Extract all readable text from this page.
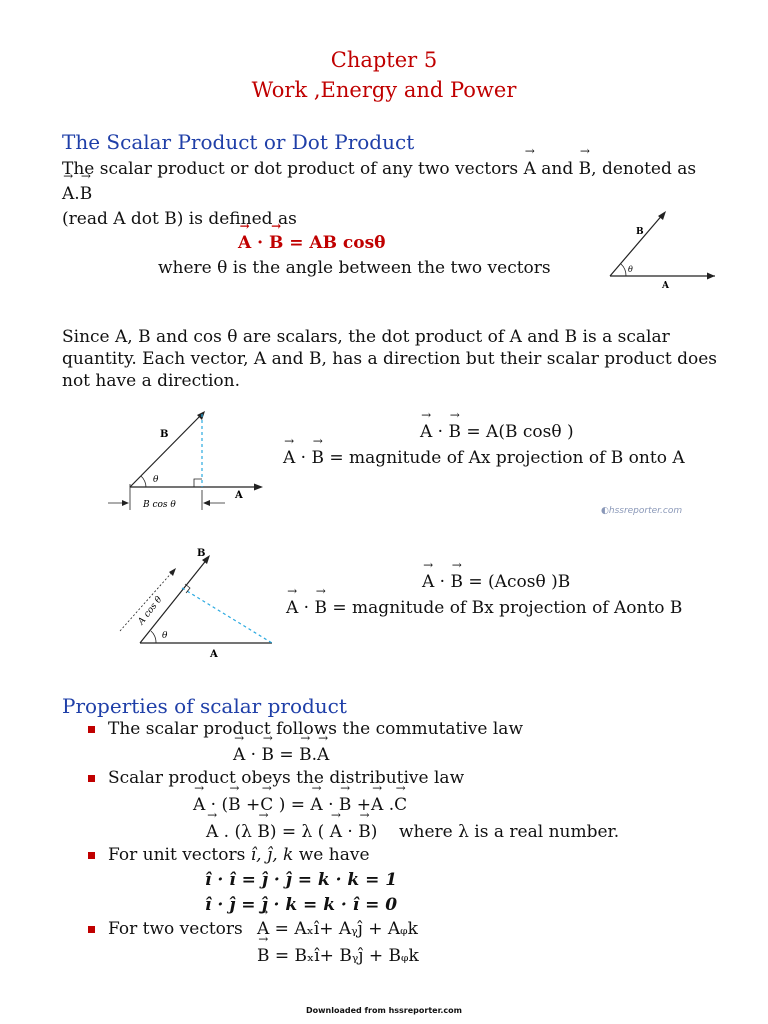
Chapter 5
Work ,Energy and Power
The Scalar Product or Dot Product
The scalar product or dot product of any two vectors → A and → B, denoted as
→ A.→ B
(read A dot B) is defined as
→ A · → B = AB cosθ
where θ is the angle between the two vectors
B
A
θ
Since A, B and cos θ are scalars, the dot product of A and B is a scalar quantity. Each vector, A and B, has a direction but their scalar product does not have a direction.
B
A
θ
B cos θ
→ A · → B = A(B cosθ )
→ A · → B = magnitude of Ax projection of B onto A
◐hssreporter.com
B
A
θ
A cos θ
→ A · → B = (Acosθ )B
→ A · → B = magnitude of Bx projection of Aonto B
Properties of scalar product
The scalar product follows the commutative law
→ A · → B = → B.→ A
Scalar product obeys the distributive law
→ A · (→ B +→ C ) = → A · → B +→ A .→ C
→ A . (λ → B) = λ ( → A · → B)    where λ is a real number.
For unit vectors î, ĵ, k we have
î · î = ĵ · ĵ = k · k = 1
î · ĵ = ĵ · k = k · î = 0
For two vectors
→ A = Aₓî+ Aᵧĵ + Aᵩk
→ B = Bₓî+ Bᵧĵ + Bᵩk
Downloaded from hssreporter.com
